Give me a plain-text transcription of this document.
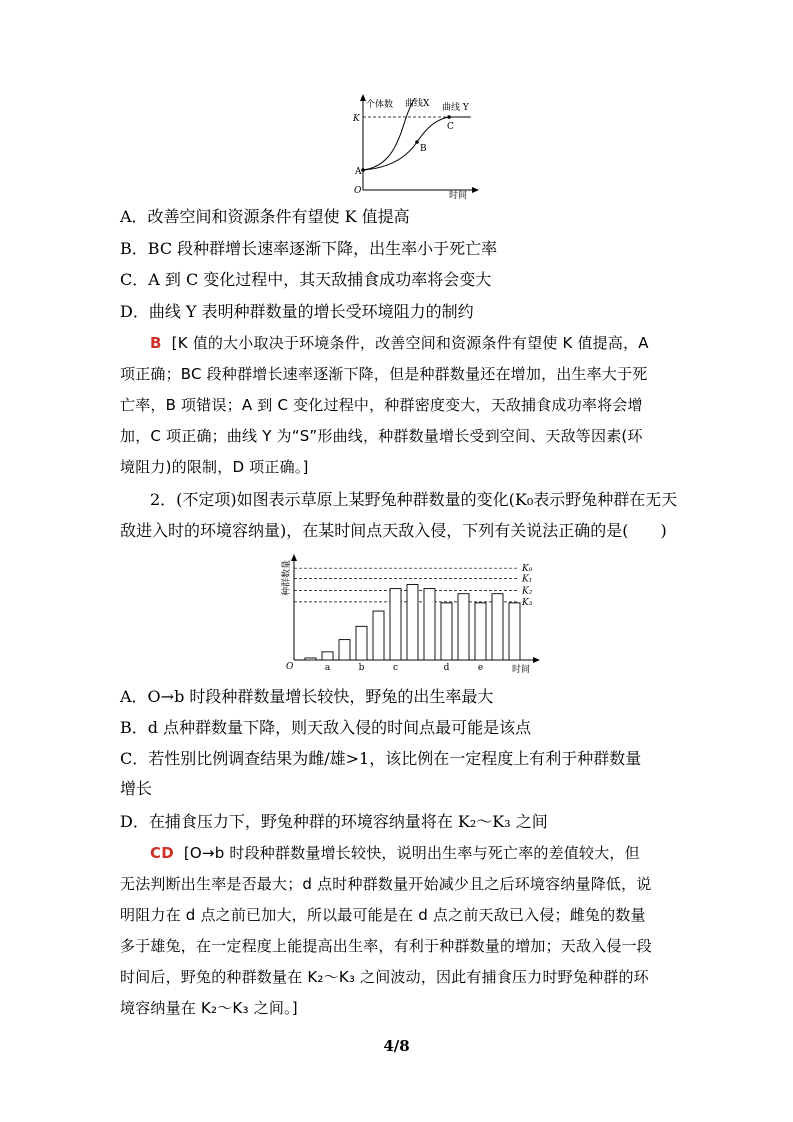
个体数 曲线X 曲线 Y
K
A
B
C
O	时间
A．改善空间和资源条件有望使 K 值提高
B．BC 段种群增长速率逐渐下降，出生率小于死亡率
C．A 到 C 变化过程中，其天敌捕食成功率将会变大
D．曲线 Y 表明种群数量的增长受环境阻力的制约
B [K 值的大小取决于环境条件，改善空间和资源条件有望使 K 值提高，A
项正确；BC 段种群增长速率逐渐下降，但是种群数量还在增加，出生率大于死
亡率，B 项错误；A 到 C 变化过程中，种群密度变大，天敌捕食成功率将会增
加，C 项正确；曲线 Y 为“S”形曲线，种群数量增长受到空间、天敌等因素(环
境阻力)的限制，D 项正确。]
2．(不定项)如图表示草原上某野兔种群数量的变化(K₀表示野兔种群在无天
敌进入时的环境容纳量)，在某时间点天敌入侵，下列有关说法正确的是(　　)
O	时间
种群数量	K₀
K₁
K₂
K₃
a	b	c	d	e
A．O→b 时段种群数量增长较快，野兔的出生率最大
B．d 点种群数量下降，则天敌入侵的时间点最可能是该点
C．若性别比例调查结果为雌/雄>1，该比例在一定程度上有利于种群数量
增长
D．在捕食压力下，野兔种群的环境容纳量将在 K₂～K₃ 之间
CD [O→b 时段种群数量增长较快，说明出生率与死亡率的差值较大，但
无法判断出生率是否最大；d 点时种群数量开始减少且之后环境容纳量降低，说
明阻力在 d 点之前已加大，所以最可能是在 d 点之前天敌已入侵；雌兔的数量
多于雄兔，在一定程度上能提高出生率，有利于种群数量的增加；天敌入侵一段
时间后，野兔的种群数量在 K₂～K₃ 之间波动，因此有捕食压力时野兔种群的环
境容纳量在 K₂～K₃ 之间。]
4/8
